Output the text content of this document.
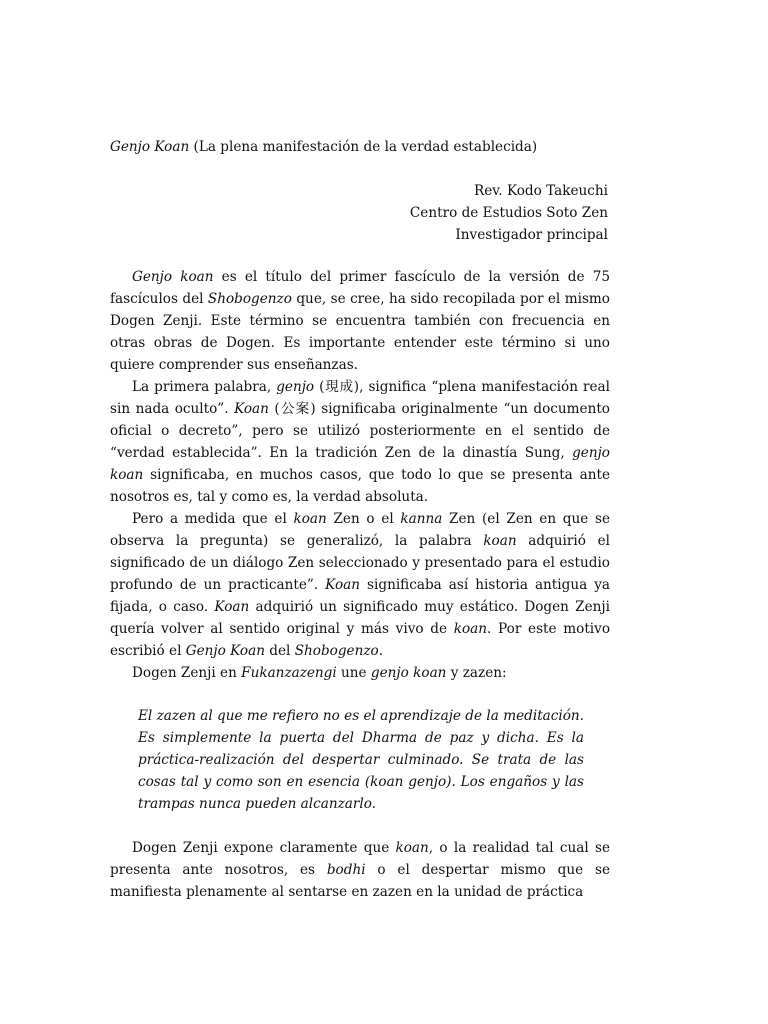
Genjo Koan (La plena manifestación de la verdad establecida)
Rev. Kodo Takeuchi
Centro de Estudios Soto Zen
Investigador principal

Genjo koan es el título del primer fascículo de la versión de 75 fascículos del Shobogenzo que, se cree, ha sido recopilada por el mismo Dogen Zenji. Este término se encuentra también con frecuencia en otras obras de Dogen. Es importante entender este término si uno quiere comprender sus enseñanzas.

La primera palabra, genjo (現成), significa “plena manifestación real sin nada oculto”. Koan (公案) significaba originalmente “un documento oficial o decreto”, pero se utilizó posteriormente en el sentido de “verdad establecida”. En la tradición Zen de la dinastía Sung, genjo koan significaba, en muchos casos, que todo lo que se presenta ante nosotros es, tal y como es, la verdad absoluta.

Pero a medida que el koan Zen o el kanna Zen (el Zen en que se observa la pregunta) se generalizó, la palabra koan adquirió el significado de un diálogo Zen seleccionado y presentado para el estudio profundo de un practicante”. Koan significaba así historia antigua ya fijada, o caso. Koan adquirió un significado muy estático. Dogen Zenji quería volver al sentido original y más vivo de koan. Por este motivo escribió el Genjo Koan del Shobogenzo.

Dogen Zenji en Fukanzazengi une genjo koan y zazen:

El zazen al que me refiero no es el aprendizaje de la meditación. Es simplemente la puerta del Dharma de paz y dicha. Es la práctica-realización del despertar culminado. Se trata de las cosas tal y como son en esencia (koan genjo). Los engaños y las trampas nunca pueden alcanzarlo.

Dogen Zenji expone claramente que koan, o la realidad tal cual se presenta ante nosotros, es bodhi o el despertar mismo que se manifiesta plenamente al sentarse en zazen en la unidad de práctica
